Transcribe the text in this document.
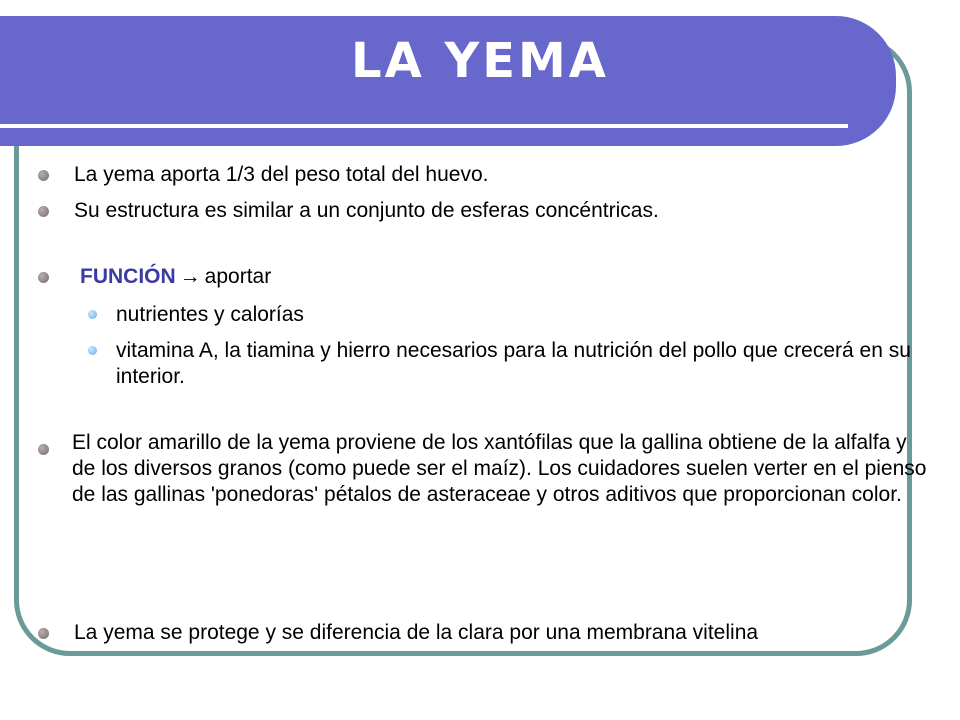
LA YEMA

La yema aporta 1/3 del peso total del huevo.

Su estructura es similar a un conjunto de esferas concéntricas.

FUNCIÓN → aportar

nutrientes y calorías

vitamina A, la tiamina y hierro necesarios para la nutrición del pollo que crecerá en su interior.

El color amarillo de la yema proviene de los xantófilas que la gallina obtiene de la alfalfa y de los diversos granos (como puede ser el maíz). Los cuidadores suelen verter en el pienso de las gallinas 'ponedoras' pétalos de asteraceae y otros aditivos que proporcionan color.

La yema se protege y se diferencia de la clara por una membrana vitelina
